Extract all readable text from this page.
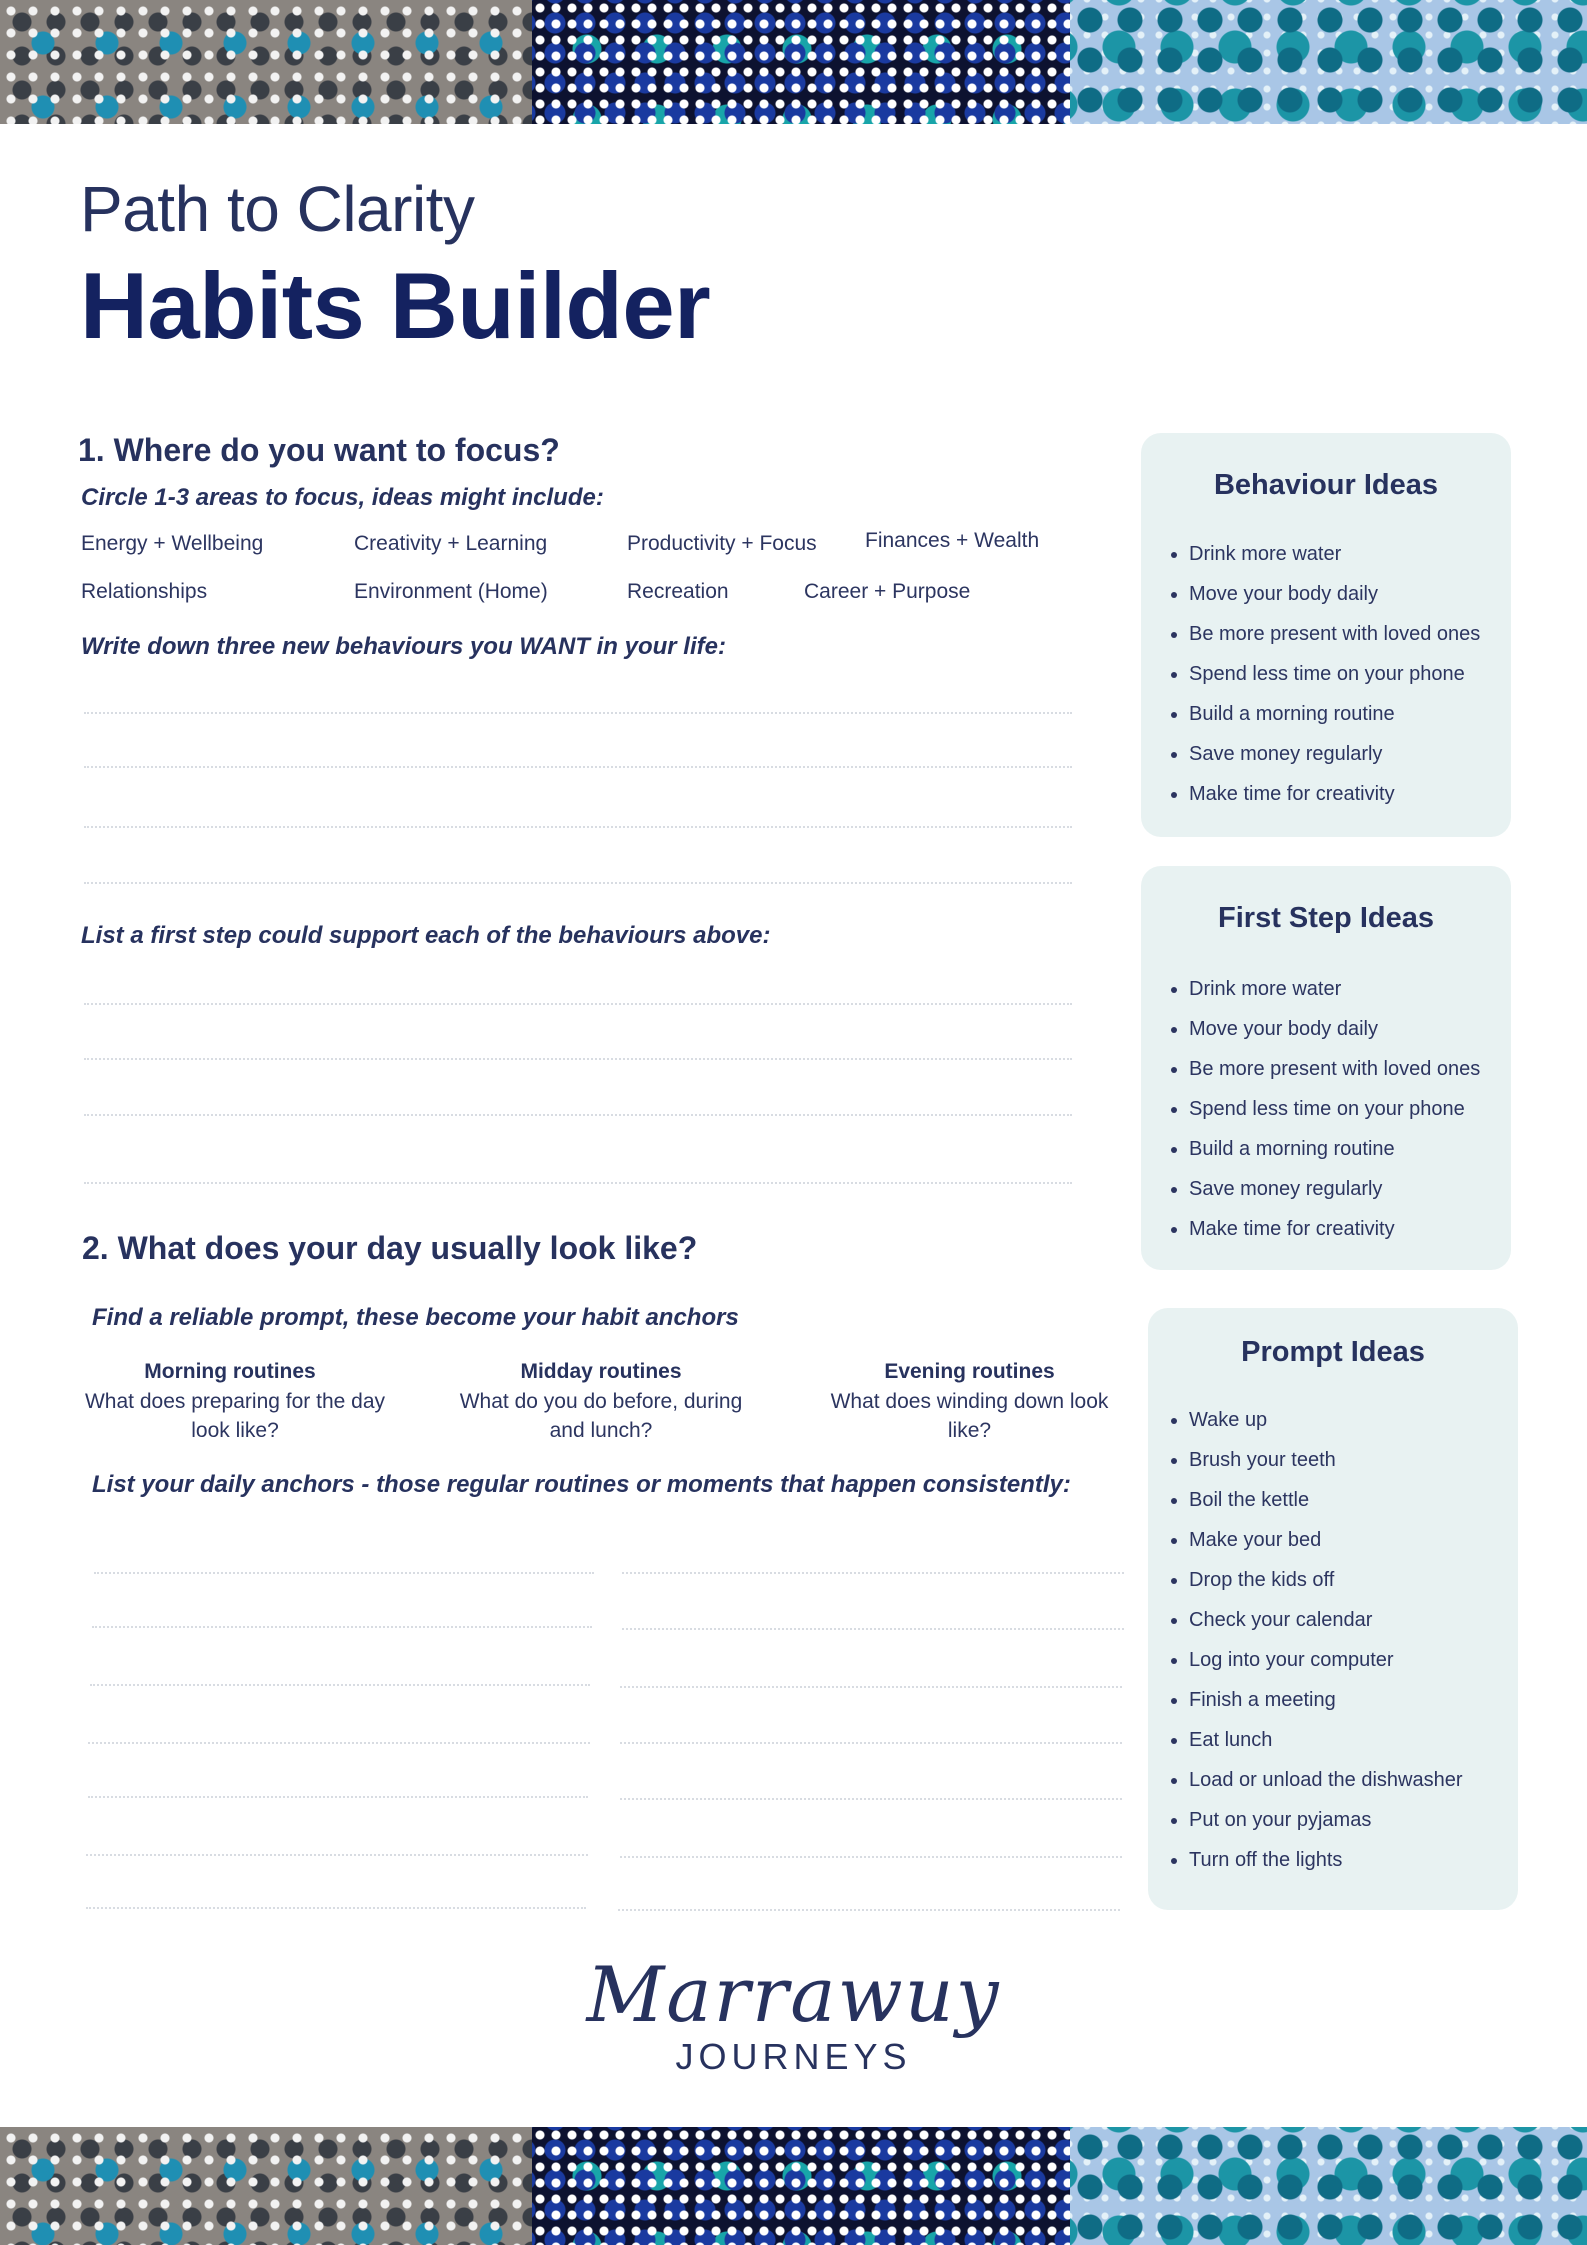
Path to Clarity
Habits Builder
1. Where do you want to focus?
Circle 1-3 areas to focus, ideas might include:
Energy + Wellbeing	Creativity + Learning	Productivity + Focus Finances + Wealth
Relationships	Environment (Home)	Recreation	Career + Purpose
Write down three new behaviours you WANT in your life:
List a first step could support each of the behaviours above:
2. What does your day usually look like?
Find a reliable prompt, these become your habit anchors
Morning routines
What does preparing for the day look like?
Midday routines
What do you do before, during and lunch?
Evening routines
What does winding down look like?
List your daily anchors - those regular routines or moments that happen consistently:
Behaviour Ideas
• Drink more water
• Move your body daily
• Be more present with loved ones
• Spend less time on your phone
• Build a morning routine
• Save money regularly
• Make time for creativity
First Step Ideas
• Drink more water
• Move your body daily
• Be more present with loved ones
• Spend less time on your phone
• Build a morning routine
• Save money regularly
• Make time for creativity
Prompt Ideas
• Wake up
• Brush your teeth
• Boil the kettle
• Make your bed
• Drop the kids off
• Check your calendar
• Log into your computer
• Finish a meeting
• Eat lunch
• Load or unload the dishwasher
• Put on your pyjamas
• Turn off the lights
Marrawuy
JOURNEYS
